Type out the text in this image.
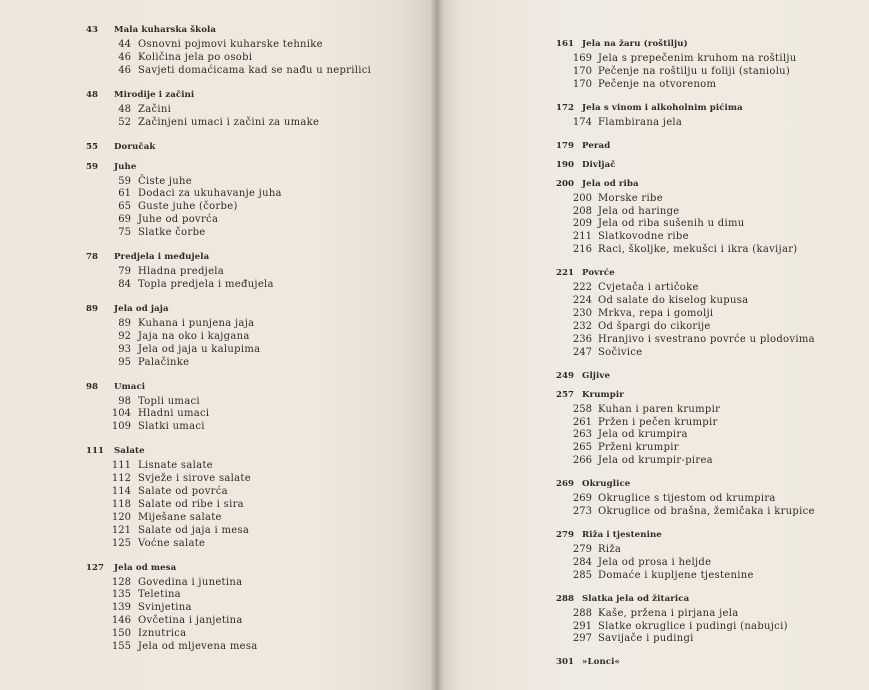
43	Mala kuharska škola
44 Osnovni pojmovi kuharske tehnike
46 Količina jela po osobi
46 Savjeti domaćicama kad se nađu u neprilici
48	Mirodije i začini
48 Začini
52 Začinjeni umaci i začini za umake
55	Doručak
59	Juhe
59 Čiste juhe
61 Dodaci za ukuhavanje juha
65 Guste juhe (čorbe)
69 Juhe od povrća
75 Slatke čorbe
78	Predjela i međujela
79 Hladna predjela
84 Topla predjela i međujela
89	Jela od jaja
89 Kuhana i punjena jaja
92 Jaja na oko i kajgana
93 Jela od jaja u kalupima
95 Palačinke
98	Umaci
98 Topli umaci
104 Hladni umaci
109 Slatki umaci
111	Salate
111 Lisnate salate
112 Svježe i sirove salate
114 Salate od povrća
118 Salate od ribe i sira
120 Miješane salate
121 Salate od jaja i mesa
125 Voćne salate
127	Jela od mesa
128 Govedina i junetina
135 Teletina
139 Svinjetina
146 Ovčetina i janjetina
150 Iznutrica
155 Jela od mljevena mesa
161 Jela na žaru (roštilju)
169 Jela s prepečenim kruhom na roštilju
170 Pečenje na roštilju u foliji (staniolu)
170 Pečenje na otvorenom
172 Jela s vinom i alkoholnim pićima
174 Flambirana jela
179 Perad
190 Divljač
200 Jela od riba
200 Morske ribe
208 Jela od haringe
209 Jela od riba sušenih u dimu
211 Slatkovodne ribe
216 Raci, školjke, mekušci i ikra (kavijar)
221 Povrće
222 Cvjetača i artičoke
224 Od salate do kiselog kupusa
230 Mrkva, repa i gomolji
232 Od špargi do cikorije
236 Hranjivo i svestrano povrće u plodovima
247 Sočivice
249 Gljive
257 Krumpir
258 Kuhan i paren krumpir
261 Pržen i pečen krumpir
263 Jela od krumpira
265 Prženi krumpir
266 Jela od krumpir-pirea
269 Okruglice
269 Okruglice s tijestom od krumpira
273 Okruglice od brašna, žemičaka i krupice
279 Riža i tjestenine
279 Riža
284 Jela od prosa i heljde
285 Domaće i kupljene tjestenine
288 Slatka jela od žitarica
288 Kaše, pržena i pirjana jela
291 Slatke okruglice i pudingi (nabujci)
297 Savijače i pudingi
301 »Lonci«
